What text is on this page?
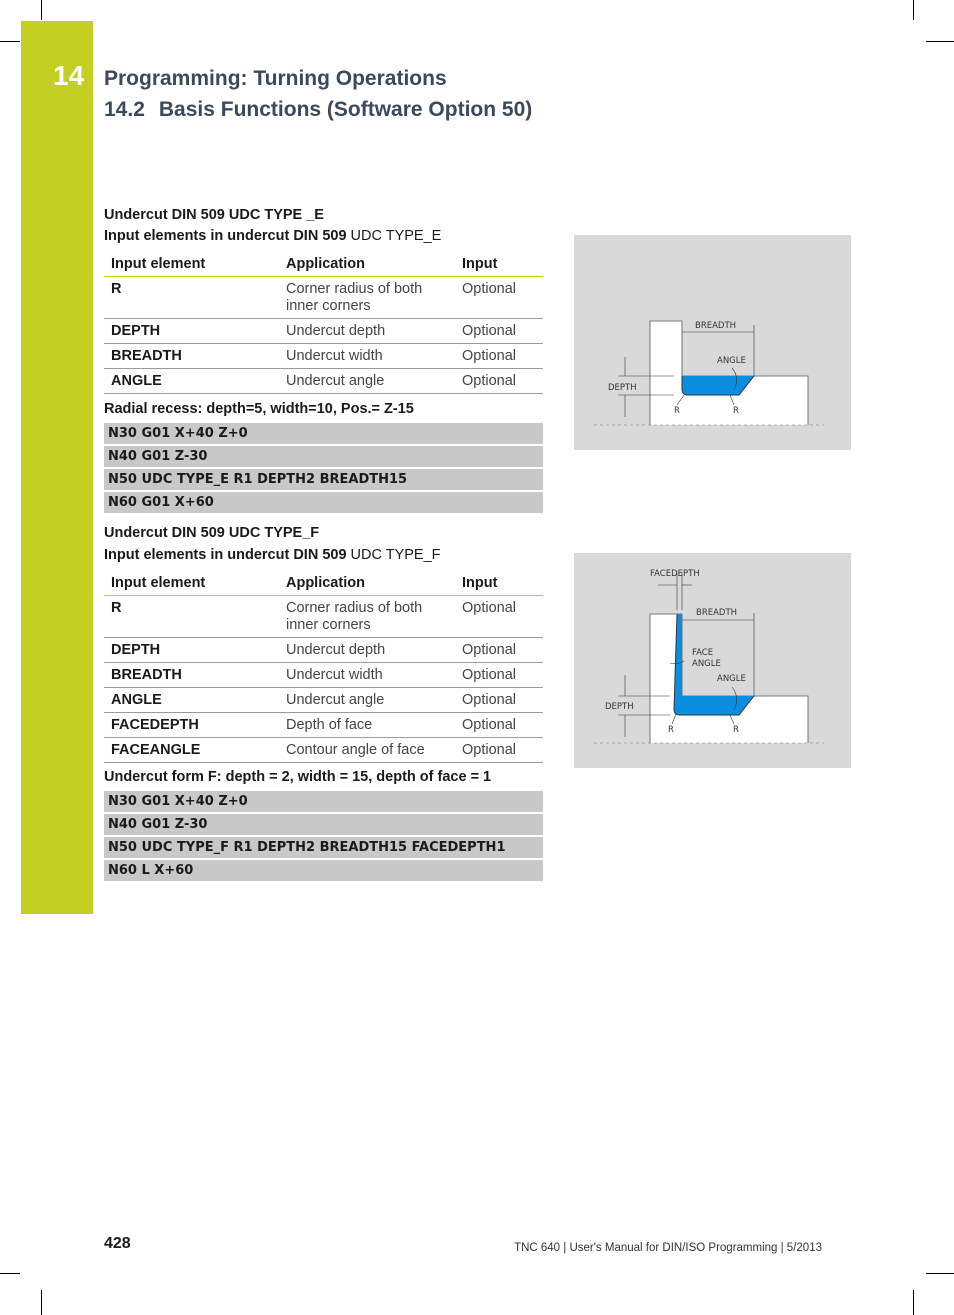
14 Programming: Turning Operations
14.2 Basis Functions (Software Option 50)
Undercut DIN 509 UDC TYPE _E
Input elements in undercut DIN 509 UDC TYPE_E
Input element	Application	Input
R	Corner radius of both inner corners	Optional
DEPTH	Undercut depth	Optional
BREADTH	Undercut width	Optional
ANGLE	Undercut angle	Optional
Radial recess: depth=5, width=10, Pos.= Z-15
N30 G01 X+40 Z+0
N40 G01 Z-30
N50 UDC TYPE_E R1 DEPTH2 BREADTH15
N60 G01 X+60
BREADTH
ANGLE
DEPTH
R	R
Undercut DIN 509 UDC TYPE_F
Input elements in undercut DIN 509 UDC TYPE_F
Input element	Application	Input
R	Corner radius of both inner corners	Optional
DEPTH	Undercut depth	Optional
BREADTH	Undercut width	Optional
ANGLE	Undercut angle	Optional
FACEDEPTH	Depth of face	Optional
FACEANGLE	Contour angle of face	Optional
Undercut form F: depth = 2, width = 15, depth of face = 1
N30 G01 X+40 Z+0
N40 G01 Z-30
N50 UDC TYPE_F R1 DEPTH2 BREADTH15 FACEDEPTH1
N60 L X+60
FACEDEPTH
BREADTH
FACE
ANGLE
ANGLE
DEPTH
R	R
428	TNC 640 | User's Manual for DIN/ISO Programming | 5/2013
